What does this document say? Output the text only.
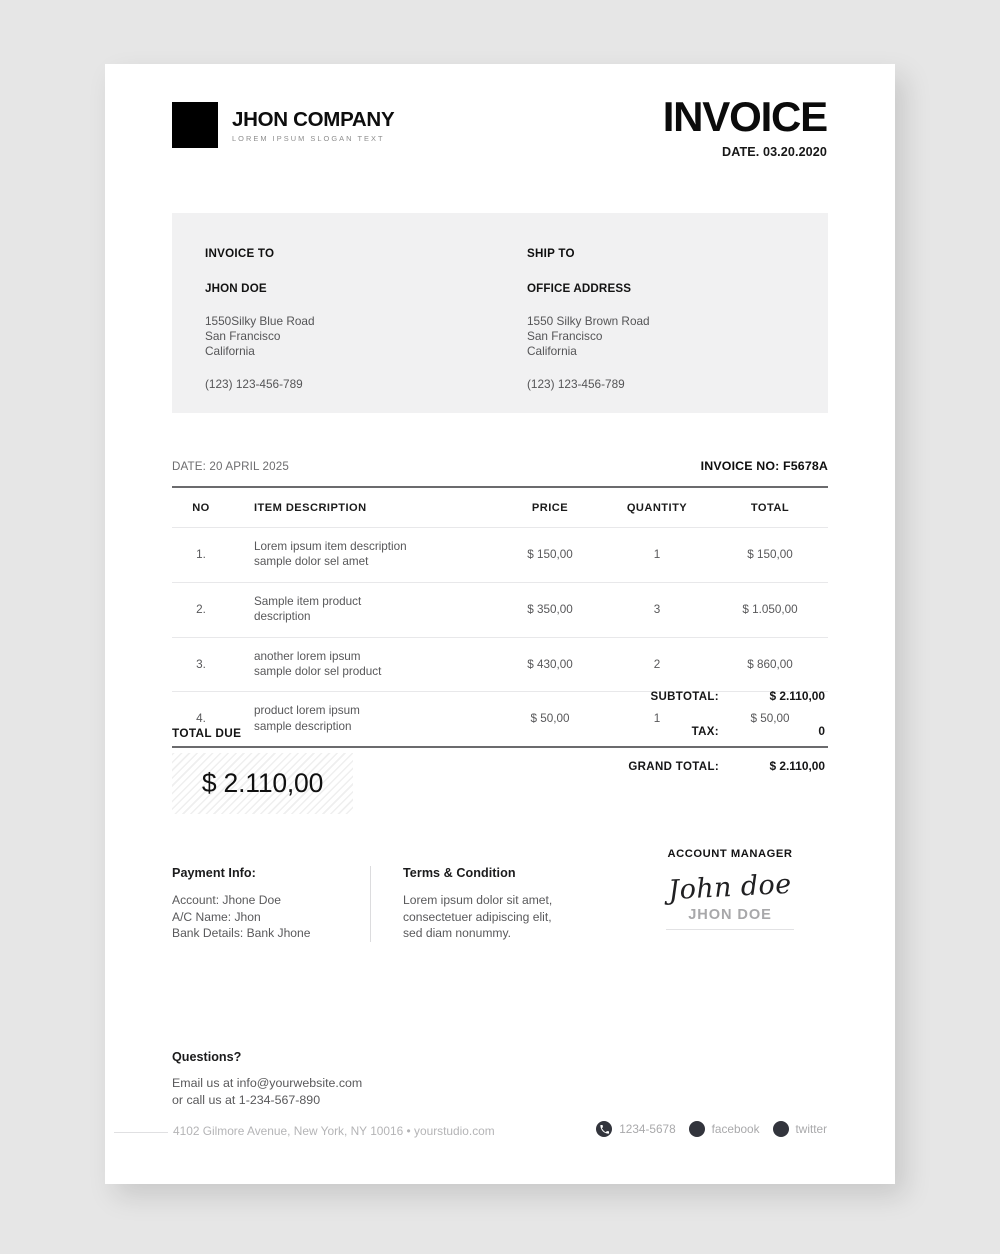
JHON COMPANY
LOREM IPSUM SLOGAN TEXT	INVOICE
DATE. 03.20.2020
INVOICE TO
JHON DOE
1550Silky Blue Road
San Francisco
California
(123) 123-456-789
SHIP TO
OFFICE ADDRESS
1550 Silky Brown Road
San Francisco
California
(123) 123-456-789
DATE: 20 APRIL 2025	INVOICE NO: F5678A
NO	ITEM DESCRIPTION	PRICE	QUANTITY	TOTAL
1.	Lorem ipsum item description
sample dolor sel amet	$ 150,00	1	$ 150,00
2.	Sample item product
description	$ 350,00	3	$ 1.050,00
3.	another lorem ipsum
sample dolor sel product	$ 430,00	2	$ 860,00
4.	product lorem ipsum
sample description	$ 50,00	1	$ 50,00
SUBTOTAL:	$ 2.110,00
TAX:	0
GRAND TOTAL:	$ 2.110,00
TOTAL DUE
$ 2.110,00
Payment Info:
Account: Jhone Doe
A/C Name: Jhon
Bank Details: Bank Jhone
Terms & Condition
Lorem ipsum dolor sit amet,
consectetuer adipiscing elit,
sed diam nonummy.
ACCOUNT MANAGER
John doe
JHON DOE
Questions?
Email us at info@yourwebsite.com
or call us at 1-234-567-890
4102 Gilmore Avenue, New York, NY 10016 • yourstudio.com	1234-5678	facebook	twitter
